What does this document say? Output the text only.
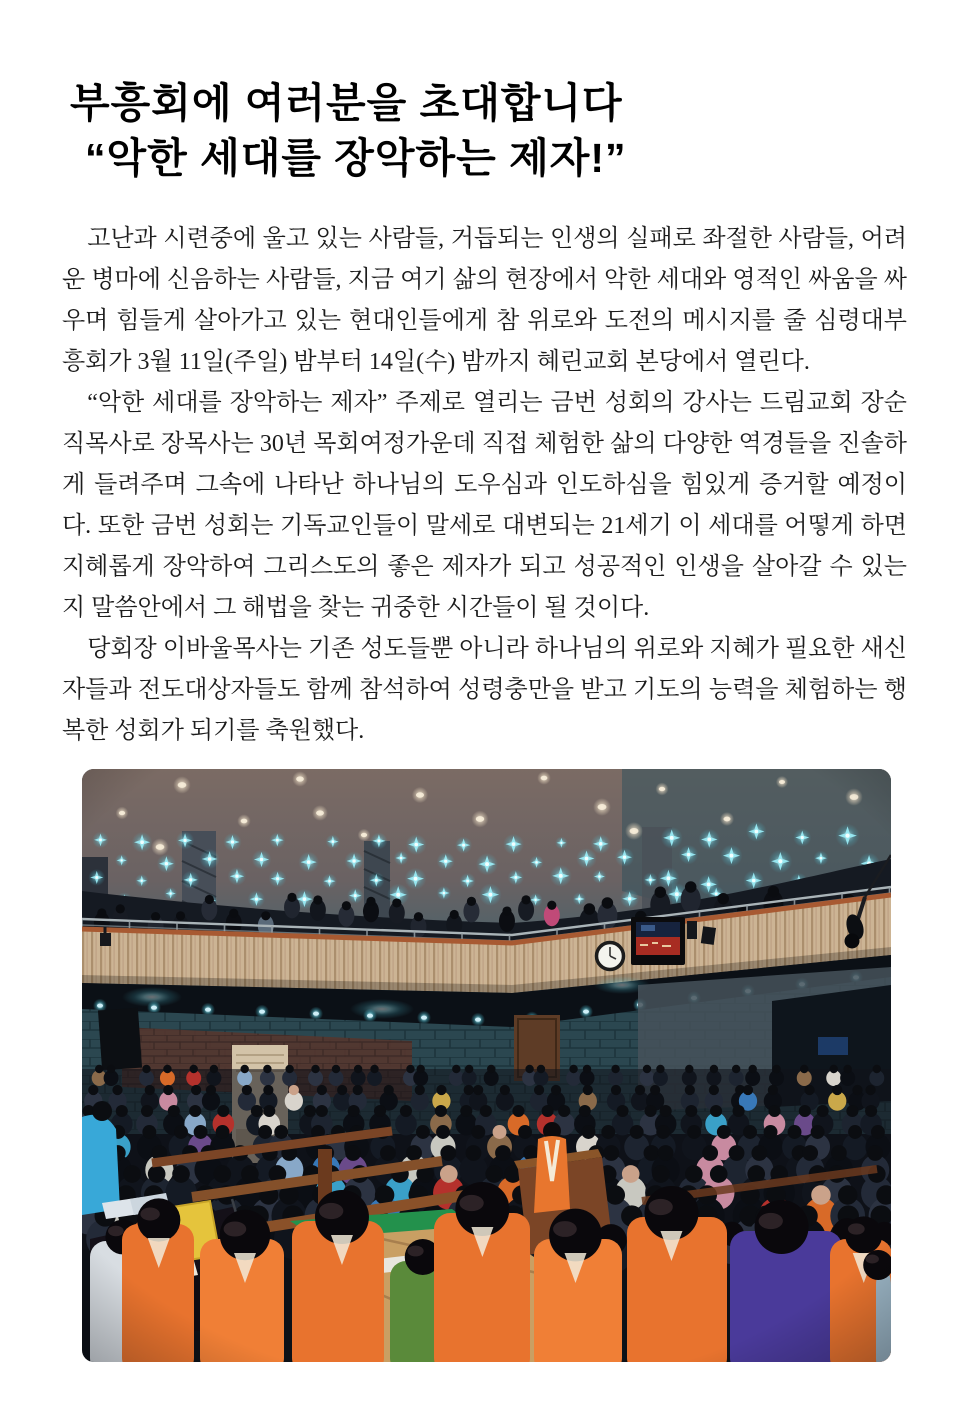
부흥회에 여러분을 초대합니다
“악한 세대를 장악하는 제자!”

고난과 시련중에 울고 있는 사람들, 거듭되는 인생의 실패로 좌절한 사람들, 어려운 병마에 신음하는 사람들, 지금 여기 삶의 현장에서 악한 세대와 영적인 싸움을 싸우며 힘들게 살아가고 있는 현대인들에게 참 위로와 도전의 메시지를 줄 심령대부흥회가 3월 11일(주일) 밤부터 14일(수) 밤까지 혜린교회 본당에서 열린다.

“악한 세대를 장악하는 제자” 주제로 열리는 금번 성회의 강사는 드림교회 장순직목사로 장목사는 30년 목회여정가운데 직접 체험한 삶의 다양한 역경들을 진솔하게 들려주며 그속에 나타난 하나님의 도우심과 인도하심을 힘있게 증거할 예정이다. 또한 금번 성회는 기독교인들이 말세로 대변되는 21세기 이 세대를 어떻게 하면 지혜롭게 장악하여 그리스도의 좋은 제자가 되고 성공적인 인생을 살아갈 수 있는지 말씀안에서 그 해법을 찾는 귀중한 시간들이 될 것이다.

당회장 이바울목사는 기존 성도들뿐 아니라 하나님의 위로와 지혜가 필요한 새신자들과 전도대상자들도 함께 참석하여 성령충만을 받고 기도의 능력을 체험하는 행복한 성회가 되기를 축원했다.
